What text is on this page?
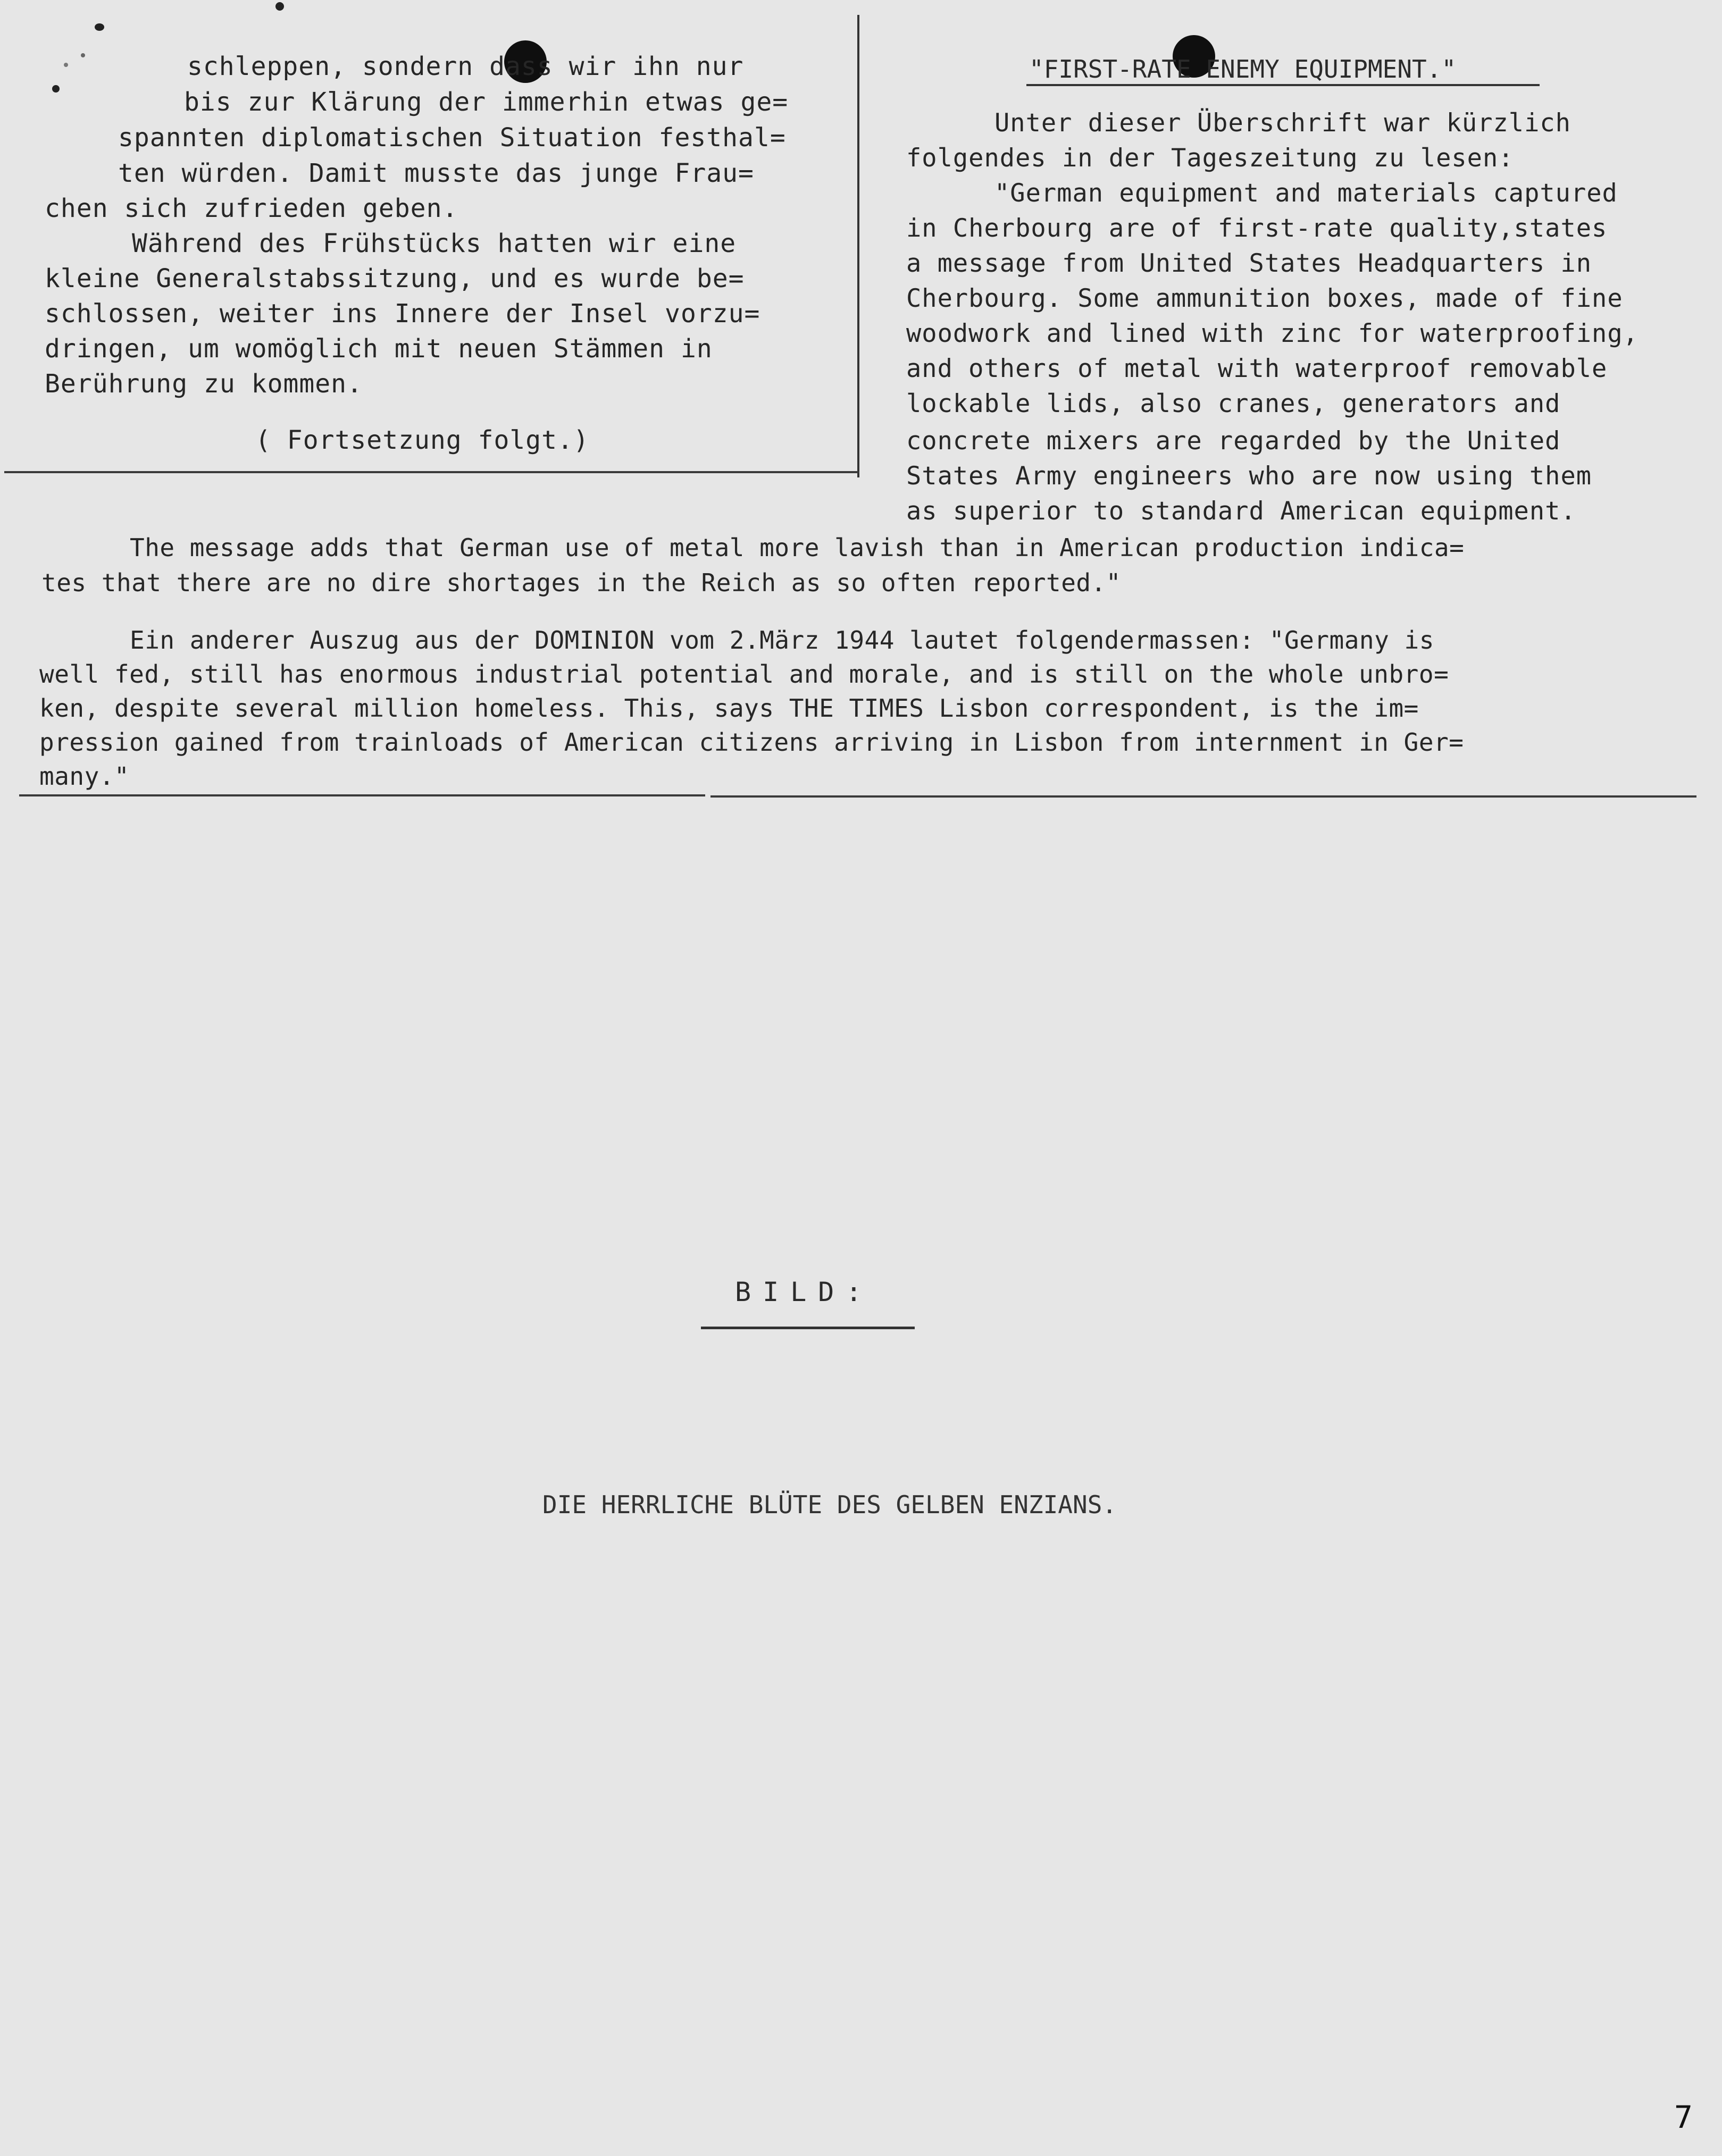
schleppen, sondern dass wir ihn nur
bis zur Klärung der immerhin etwas ge=
spannten diplomatischen Situation festhal=
ten würden. Damit musste das junge Frau=
chen sich zufrieden geben.
Während des Frühstücks hatten wir eine
kleine Generalstabssitzung, und es wurde be=
schlossen, weiter ins Innere der Insel vorzu=
dringen, um womöglich mit neuen Stämmen in
Berührung zu kommen.
( Fortsetzung folgt.)
"FIRST-RATE ENEMY EQUIPMENT."
Unter dieser Überschrift war kürzlich
folgendes in der Tageszeitung zu lesen:
"German equipment and materials captured
in Cherbourg are of first-rate quality,states
a message from United States Headquarters in
Cherbourg. Some ammunition boxes, made of fine
woodwork and lined with zinc for waterproofing,
and others of metal with waterproof removable
lockable lids, also cranes, generators and
concrete mixers are regarded by the United
States Army engineers who are now using them
as superior to standard American equipment.
The message adds that German use of metal more lavish than in American production indica=
tes that there are no dire shortages in the Reich as so often reported."
Ein anderer Auszug aus der DOMINION vom 2.März 1944 lautet folgendermassen: "Germany is
well fed, still has enormous industrial potential and morale, and is still on the whole unbro=
ken, despite several million homeless. This, says THE TIMES Lisbon correspondent, is the im=
pression gained from trainloads of American citizens arriving in Lisbon from internment in Ger=
many."
BILD:
DIE HERRLICHE BLÜTE DES GELBEN ENZIANS.
7
